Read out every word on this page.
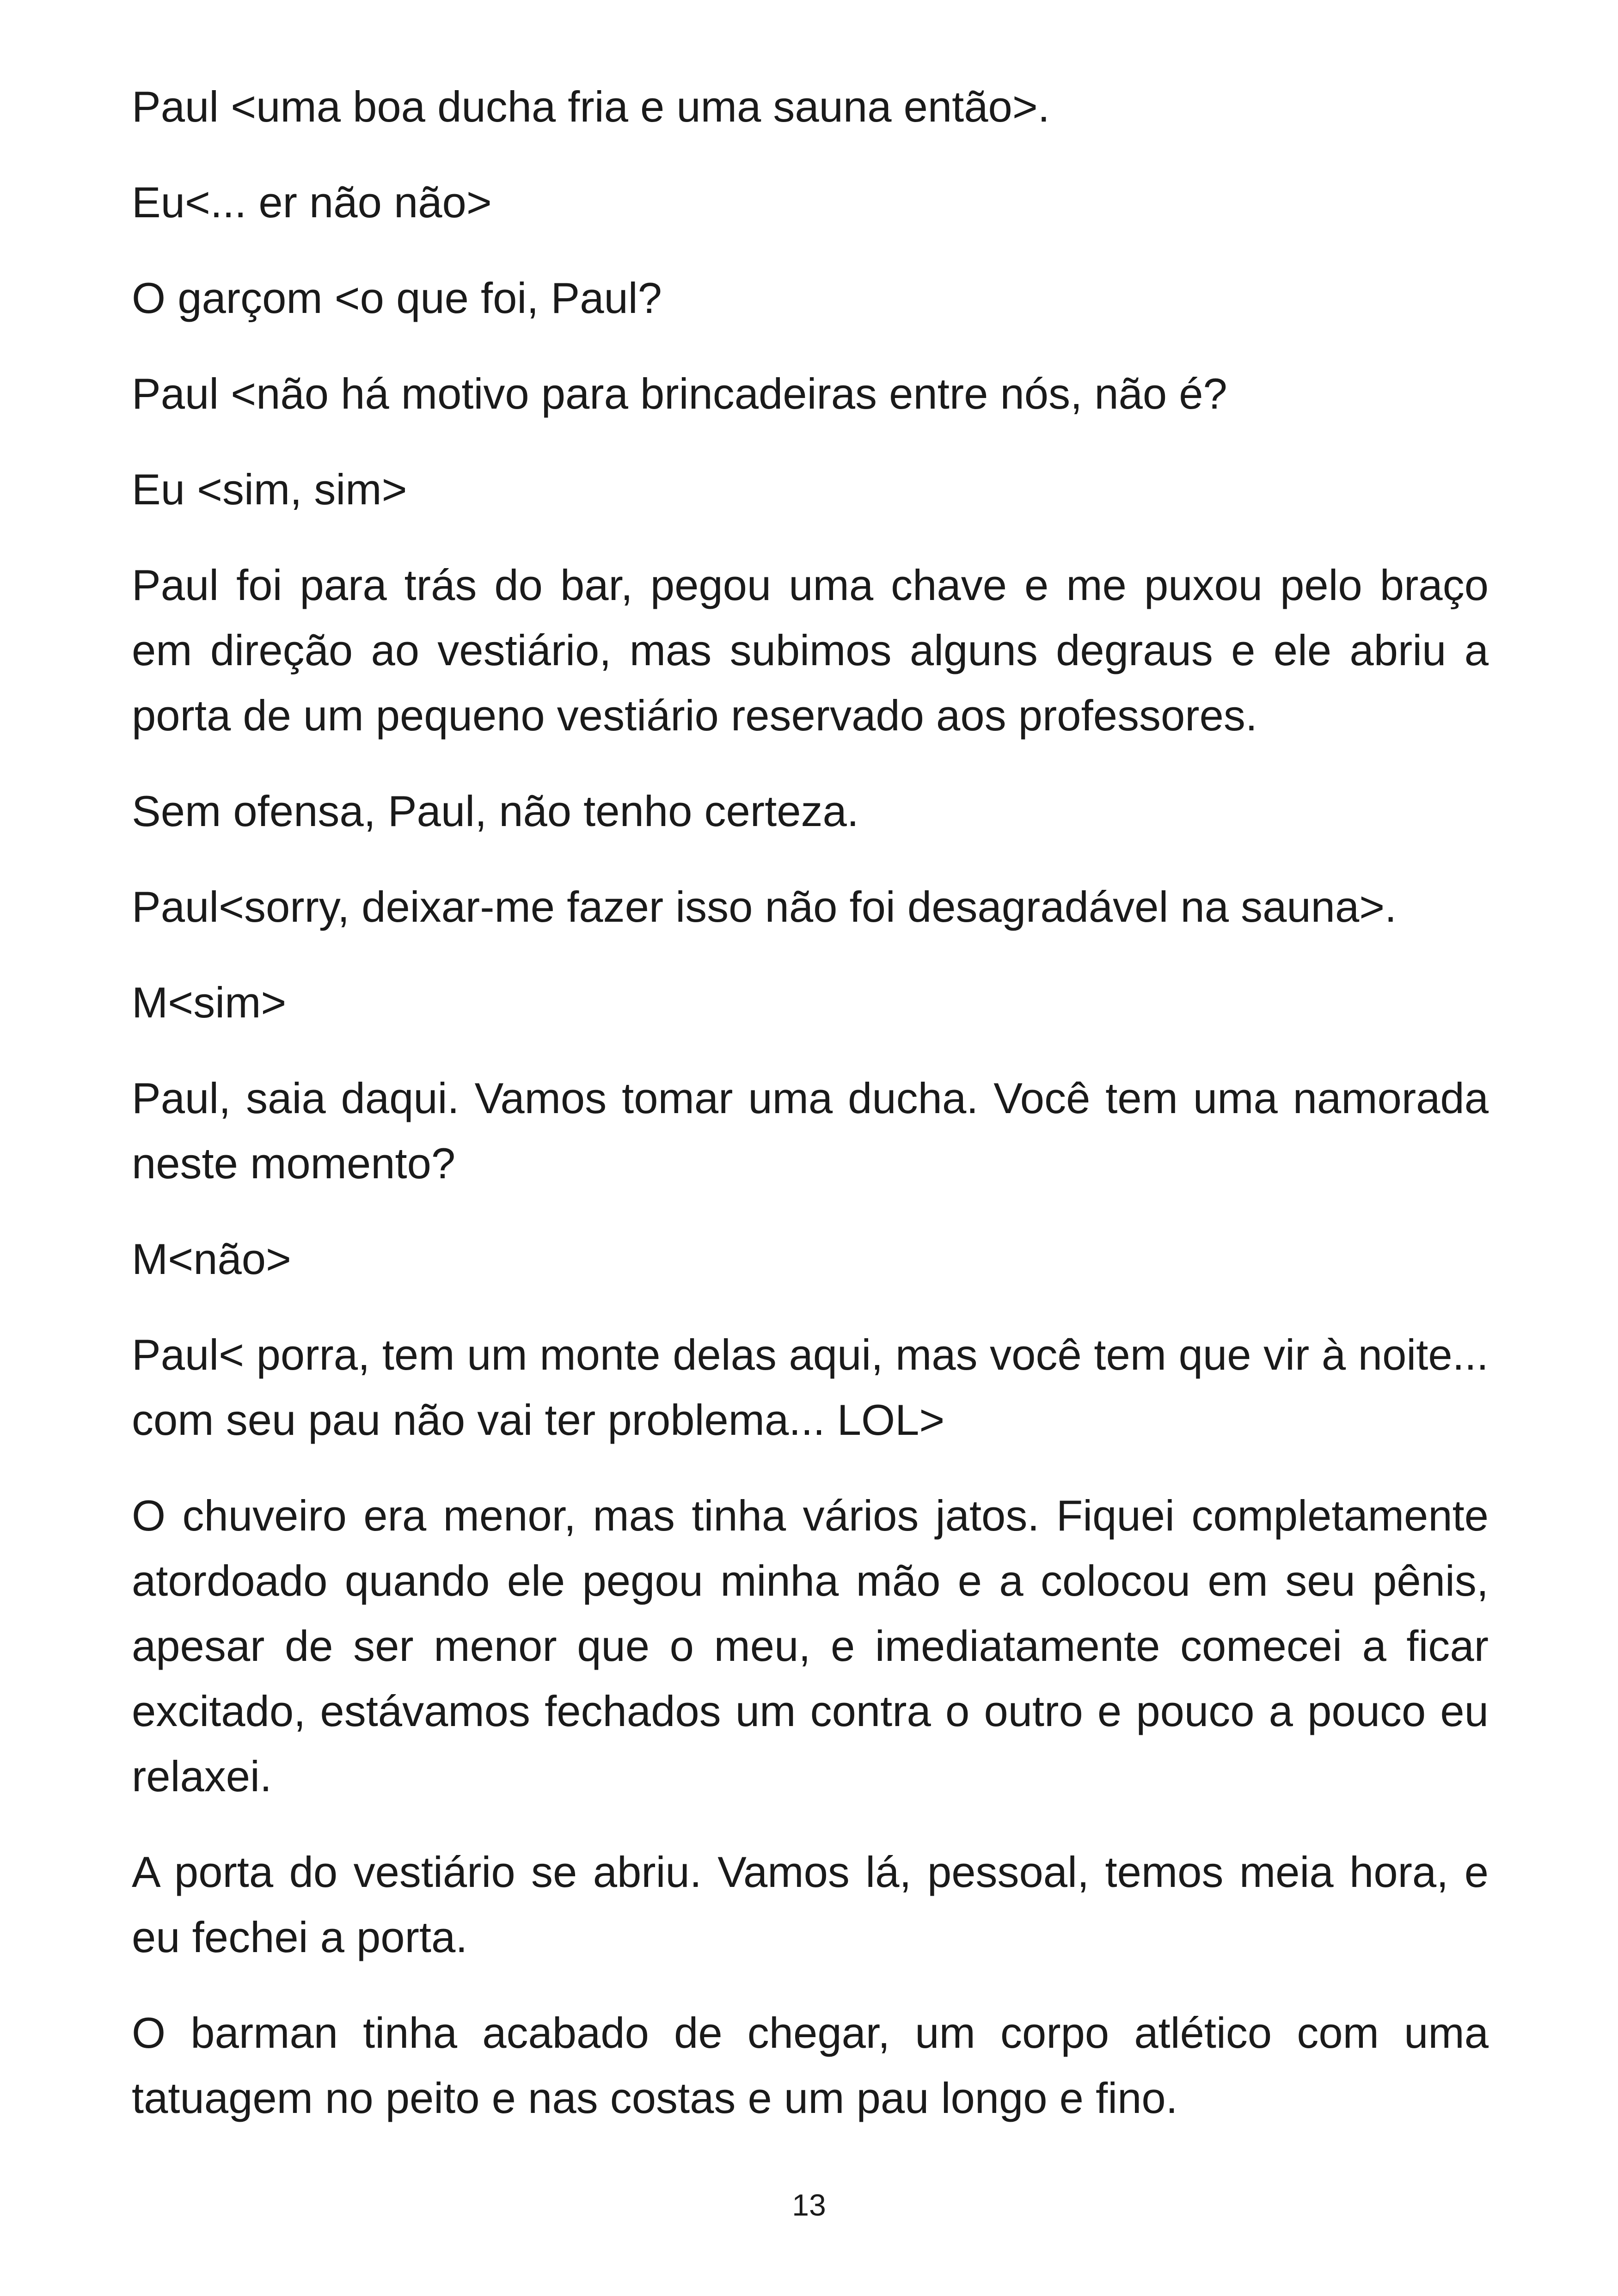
Paul <uma boa ducha fria e uma sauna então>.

Eu<... er não não>

O garçom <o que foi, Paul?

Paul <não há motivo para brincadeiras entre nós, não é?

Eu <sim, sim>

Paul foi para trás do bar, pegou uma chave e me puxou pelo braço em direção ao vestiário, mas subimos alguns degraus e ele abriu a porta de um pequeno vestiário reservado aos professores.

Sem ofensa, Paul, não tenho certeza.

Paul<sorry, deixar-me fazer isso não foi desagradável na sauna>.

M<sim>

Paul, saia daqui. Vamos tomar uma ducha. Você tem uma namorada neste momento?

M<não>

Paul< porra, tem um monte delas aqui, mas você tem que vir à noite... com seu pau não vai ter problema... LOL>

O chuveiro era menor, mas tinha vários jatos. Fiquei completamente atordoado quando ele pegou minha mão e a colocou em seu pênis, apesar de ser menor que o meu, e imediatamente comecei a ficar excitado, estávamos fechados um contra o outro e pouco a pouco eu relaxei.

A porta do vestiário se abriu. Vamos lá, pessoal, temos meia hora, e eu fechei a porta.

O barman tinha acabado de chegar, um corpo atlético com uma tatuagem no peito e nas costas e um pau longo e fino.

13
